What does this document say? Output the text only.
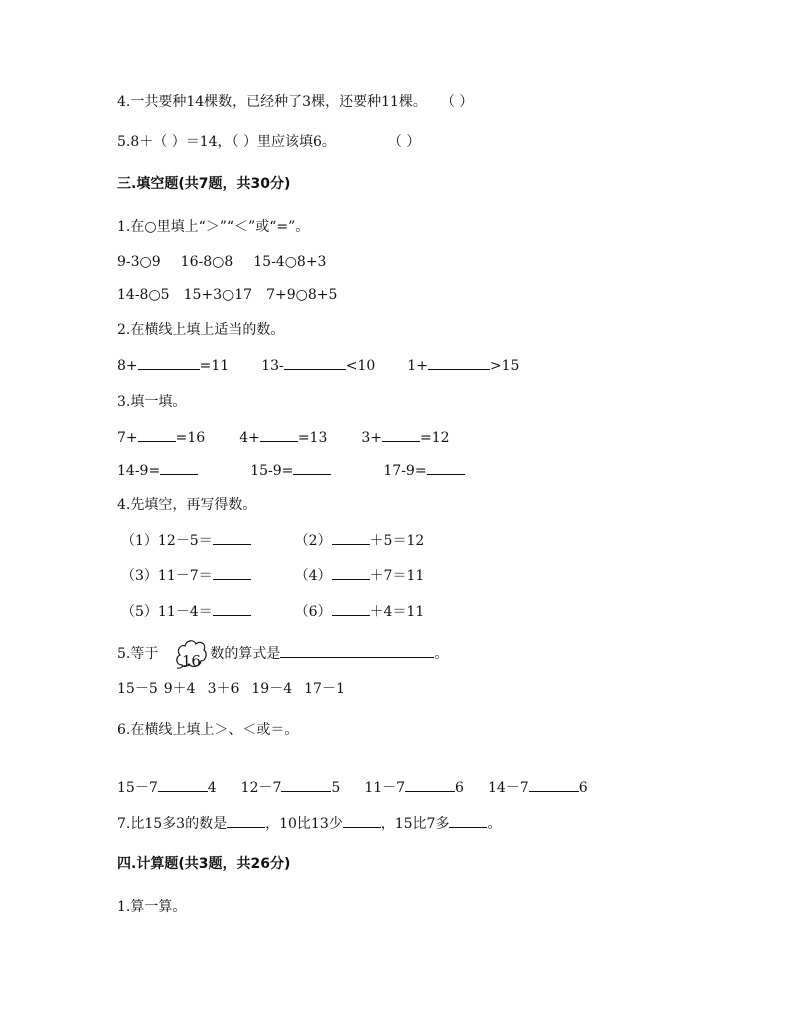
4.一共要种14棵数，已经种了3棵，还要种11棵。 （ ）
5.8＋（ ）＝14，（ ）里应该填6。	（ ）
三.填空题(共7题，共30分)
1.在○里填上“＞”“＜”或“=”。
9-3○9 16-8○8 15-4○8+3
14-8○5 15+3○17 7+9○8+5
2.在横线上填上适当的数。
8+	=11 13-	<10 1+	>15
3.填一填。
7+	=16 4+	=13 3+	=12
14-9=	15-9=	17-9=
4.先填空，再写得数。
（1）12－5＝	（2）	＋5＝12
（3）11－7＝	（4）	＋7＝11
（5）11－4＝	（6）	＋4＝11
5.等于	16 数的算式是	。
15－5 9＋4 3＋6 19－4 17－1
6.在横线上填上＞、＜或＝。
15－7	4 12－7	5 11－7	6 14－7	6
7.比15多3的数是	，10比13少	，15比7多	。
四.计算题(共3题，共26分)
1.算一算。
